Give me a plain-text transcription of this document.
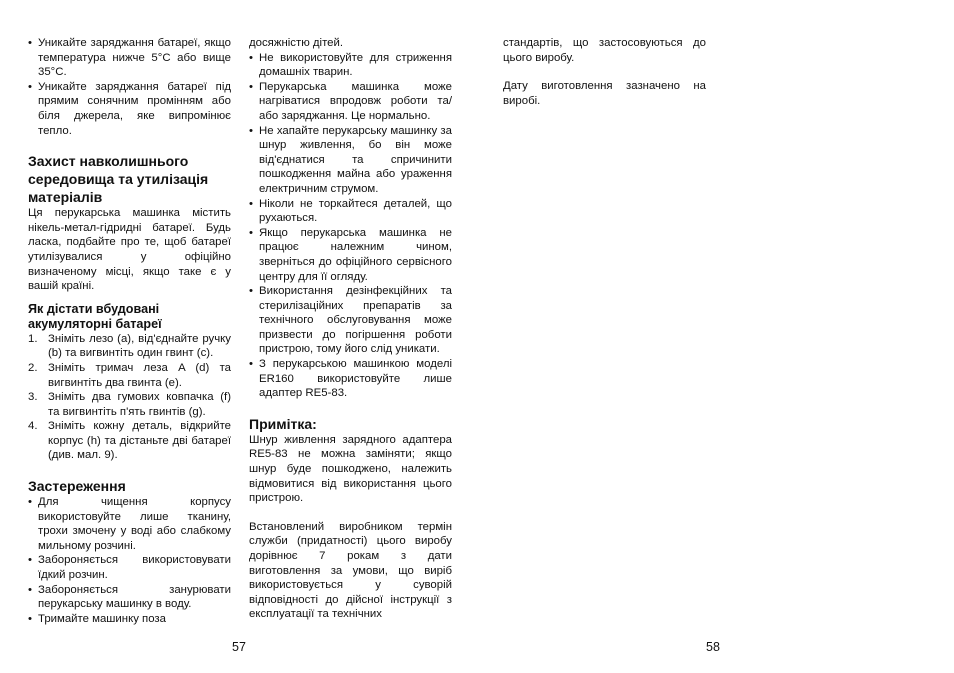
• Уникайте заряджання батареї, якщо температура нижче 5°C або вище 35°C.

• Уникайте заряджання батареї під прямим сонячним промінням або біля джерела, яке випромінює тепло.

Захист навколишнього середовища та утилізація матеріалів

Ця перукарська машинка містить нікель-метал-гідридні батареї. Будь ласка, подбайте про те, щоб батареї утилізувалися у офіційно визначеному місці, якщо таке є у вашій країні.

Як дістати вбудовані акумуляторні батареї
1. Зніміть лезо (а), від'єднайте ручку (b) та вигвинтіть один гвинт (c).
2. Зніміть тримач леза A (d) та вигвинтіть два гвинта (e).
3. Зніміть два гумових ковпачка (f) та вигвинтіть п'ять гвинтів (g).
4. Зніміть кожну деталь, відкрийте корпус (h) та дістаньте дві батареї (див. мал. 9).
Застереження

• Для чищення корпусу використовуйте лише тканину, трохи змочену у воді або слабкому мильному розчині.

• Забороняється використовувати їдкий розчин.

• Забороняється занурювати перукарську машинку в воду.

• Тримайте машинку поза

досяжністю дітей.

• Не використовуйте для стриження домашніх тварин.

• Перукарська машинка може нагріватися впродовж роботи та/ або заряджання. Це нормально.

• Не хапайте перукарську машинку за шнур живлення, бо він може від'єднатися та спричинити пошкодження майна або ураження електричним струмом.

• Ніколи не торкайтеся деталей, що рухаються.

• Якщо перукарська машинка не працює належним чином, зверніться до офіційного сервісного центру для її огляду.

• Використання дезінфекційних та стерилізаційних препаратів за технічного обслуговування може призвести до погіршення роботи пристрою, тому його слід уникати.

• З перукарською машинкою моделі ER160 використовуйте лише адаптер RE5-83.

Примітка:

Шнур живлення зарядного адаптера RE5-83 не можна заміняти; якщо шнур буде пошкоджено, належить відмовитися від використання цього пристрою.

Встановлений виробником термін служби (придатності) цього виробу дорівнює 7 рокам з дати виготовлення за умови, що виріб використовується у суворій відповідності до дійсної інструкції з експлуатації та технічних

стандартів, що застосовуються до цього виробу.

Дату виготовлення зазначено на виробі.

57	58
